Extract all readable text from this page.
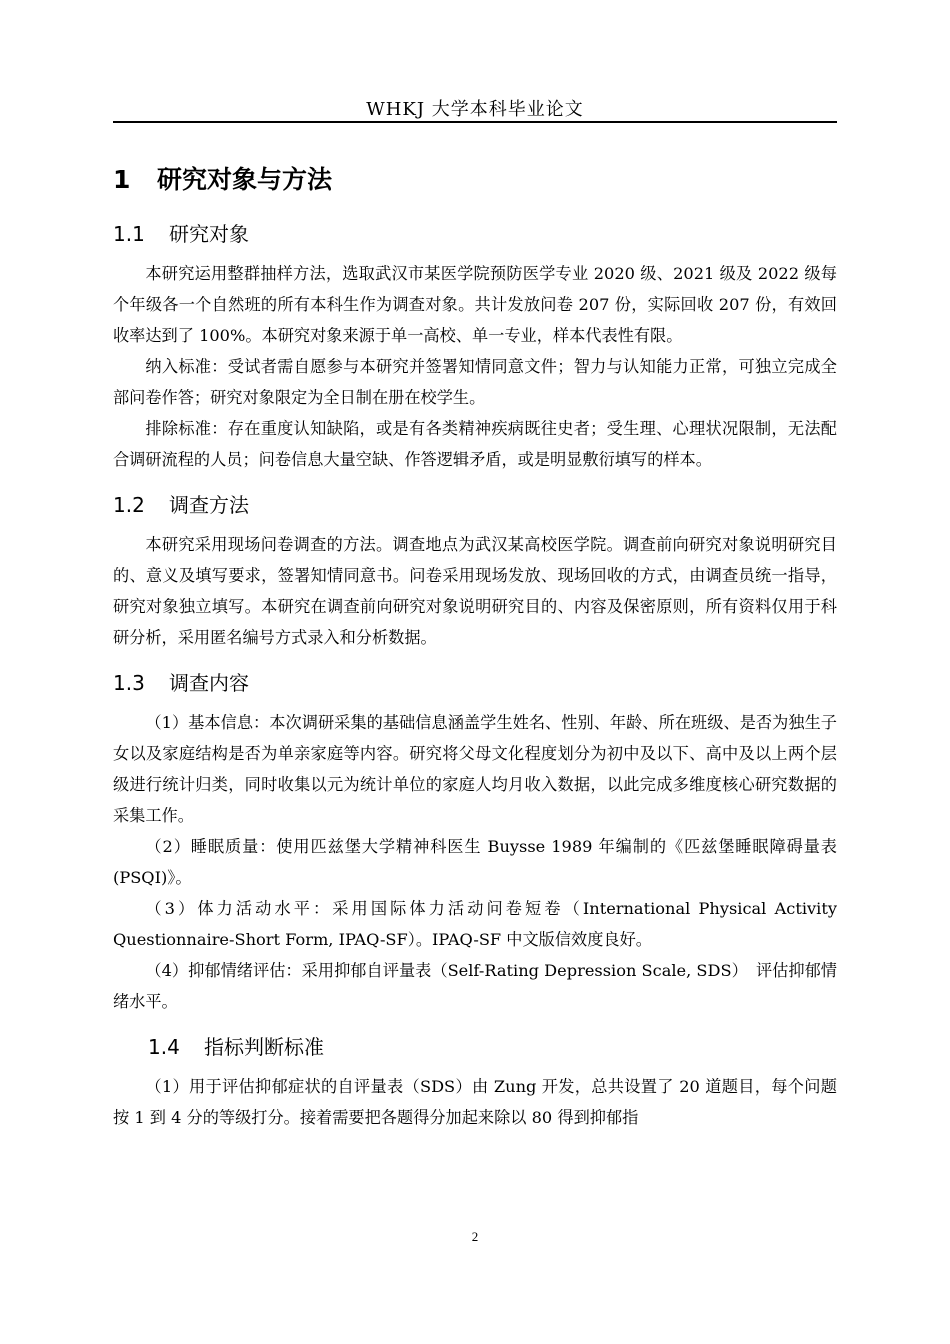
WHKJ 大学本科毕业论文
1 研究对象与方法
1.1 研究对象

本研究运用整群抽样方法，选取武汉市某医学院预防医学专业 2020 级、2021 级及 2022 级每个年级各一个自然班的所有本科生作为调查对象。共计发放问卷 207 份，实际回收 207 份，有效回收率达到了 100%。本研究对象来源于单一高校、单一专业，样本代表性有限。

纳入标准：受试者需自愿参与本研究并签署知情同意文件；智力与认知能力正常，可独立完成全部问卷作答；研究对象限定为全日制在册在校学生。

排除标准：存在重度认知缺陷，或是有各类精神疾病既往史者；受生理、心理状况限制，无法配合调研流程的人员；问卷信息大量空缺、作答逻辑矛盾，或是明显敷衍填写的样本。

1.2 调查方法

本研究采用现场问卷调查的方法。调查地点为武汉某高校医学院。调查前向研究对象说明研究目的、意义及填写要求，签署知情同意书。问卷采用现场发放、现场回收的方式，由调查员统一指导，研究对象独立填写。本研究在调查前向研究对象说明研究目的、内容及保密原则，所有资料仅用于科研分析，采用匿名编号方式录入和分析数据。

1.3 调查内容

（1）基本信息：本次调研采集的基础信息涵盖学生姓名、性别、年龄、所在班级、是否为独生子女以及家庭结构是否为单亲家庭等内容。研究将父母文化程度划分为初中及以下、高中及以上两个层级进行统计归类，同时收集以元为统计单位的家庭人均月收入数据，以此完成多维度核心研究数据的采集工作。

（2）睡眠质量：使用匹兹堡大学精神科医生 Buysse 1989 年编制的《匹兹堡睡眠障碍量表(PSQI)》。

（3）体力活动水平：采用国际体力活动问卷短卷（International Physical Activity Questionnaire-Short Form, IPAQ-SF）。IPAQ-SF 中文版信效度良好。

（4）抑郁情绪评估：采用抑郁自评量表（Self-Rating Depression Scale, SDS）　评估抑郁情绪水平。

1.4 指标判断标准

（1）用于评估抑郁症状的自评量表（SDS）由 Zung 开发，总共设置了 20 道题目，每个问题按 1 到 4 分的等级打分。接着需要把各题得分加起来除以 80 得到抑郁指

2
